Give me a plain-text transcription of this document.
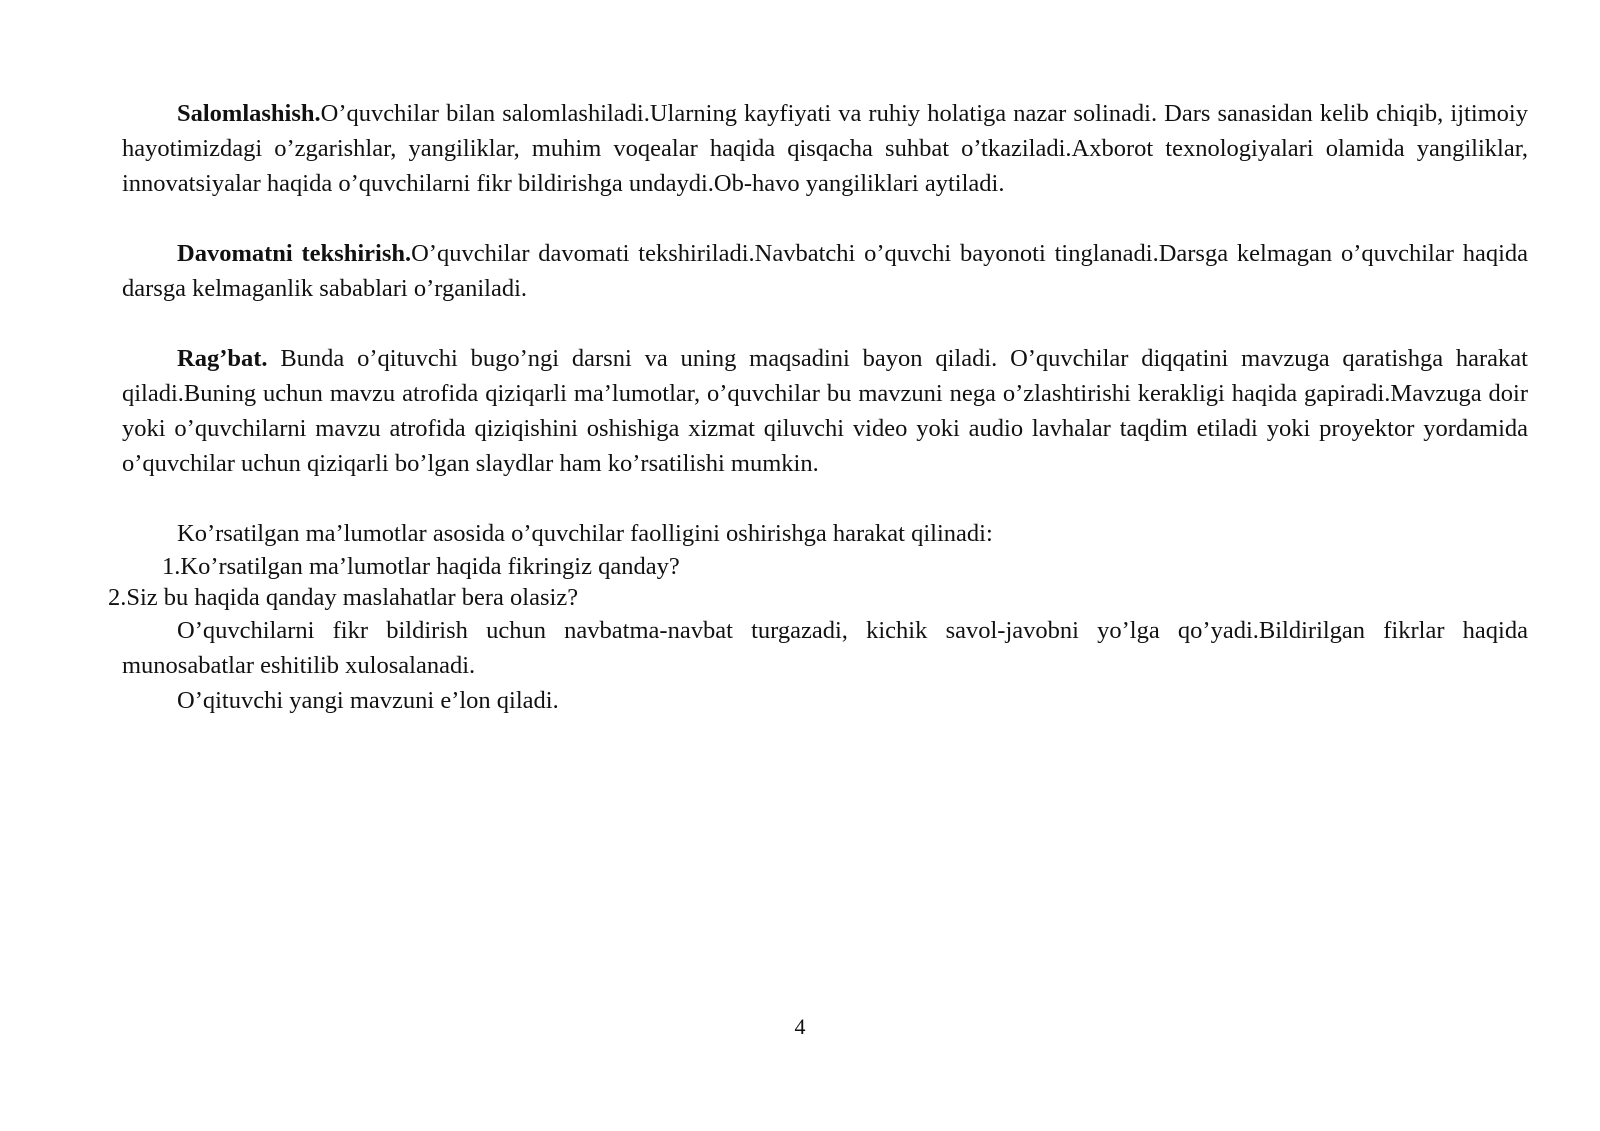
Salomlashish.O’quvchilar bilan salomlashiladi.Ularning kayfiyati va ruhiy holatiga nazar solinadi. Dars sanasidan kelib chiqib, ijtimoiy hayotimizdagi o’zgarishlar, yangiliklar, muhim voqealar haqida qisqacha suhbat o’tkaziladi.Axborot texnologiyalari olamida yangiliklar, innovatsiyalar haqida o’quvchilarni fikr bildirishga undaydi.Ob-havo yangiliklari aytiladi.

Davomatni tekshirish.O’quvchilar davomati tekshiriladi.Navbatchi o’quvchi bayonoti tinglanadi.Darsga kelmagan o’quvchilar haqida darsga kelmaganlik sabablari o’rganiladi.

Rag’bat. Bunda o’qituvchi bugo’ngi darsni va uning maqsadini bayon qiladi. O’quvchilar diqqatini mavzuga qaratishga harakat qiladi.Buning uchun mavzu atrofida qiziqarli ma’lumotlar, o’quvchilar bu mavzuni nega o’zlashtirishi kerakligi haqida gapiradi.Mavzuga doir yoki o’quvchilarni mavzu atrofida qiziqishini oshishiga xizmat qiluvchi video yoki audio lavhalar taqdim etiladi yoki proyektor yordamida o’quvchilar uchun qiziqarli bo’lgan slaydlar ham ko’rsatilishi mumkin.

Ko’rsatilgan ma’lumotlar asosida o’quvchilar faolligini oshirishga harakat qilinadi:

1.Ko’rsatilgan ma’lumotlar haqida fikringiz qanday?

2.Siz bu haqida qanday maslahatlar bera olasiz?

O’quvchilarni fikr bildirish uchun navbatma-navbat turgazadi, kichik savol-javobni yo’lga qo’yadi.Bildirilgan fikrlar haqida munosabatlar eshitilib xulosalanadi.

O’qituvchi yangi mavzuni e’lon qiladi.

4
